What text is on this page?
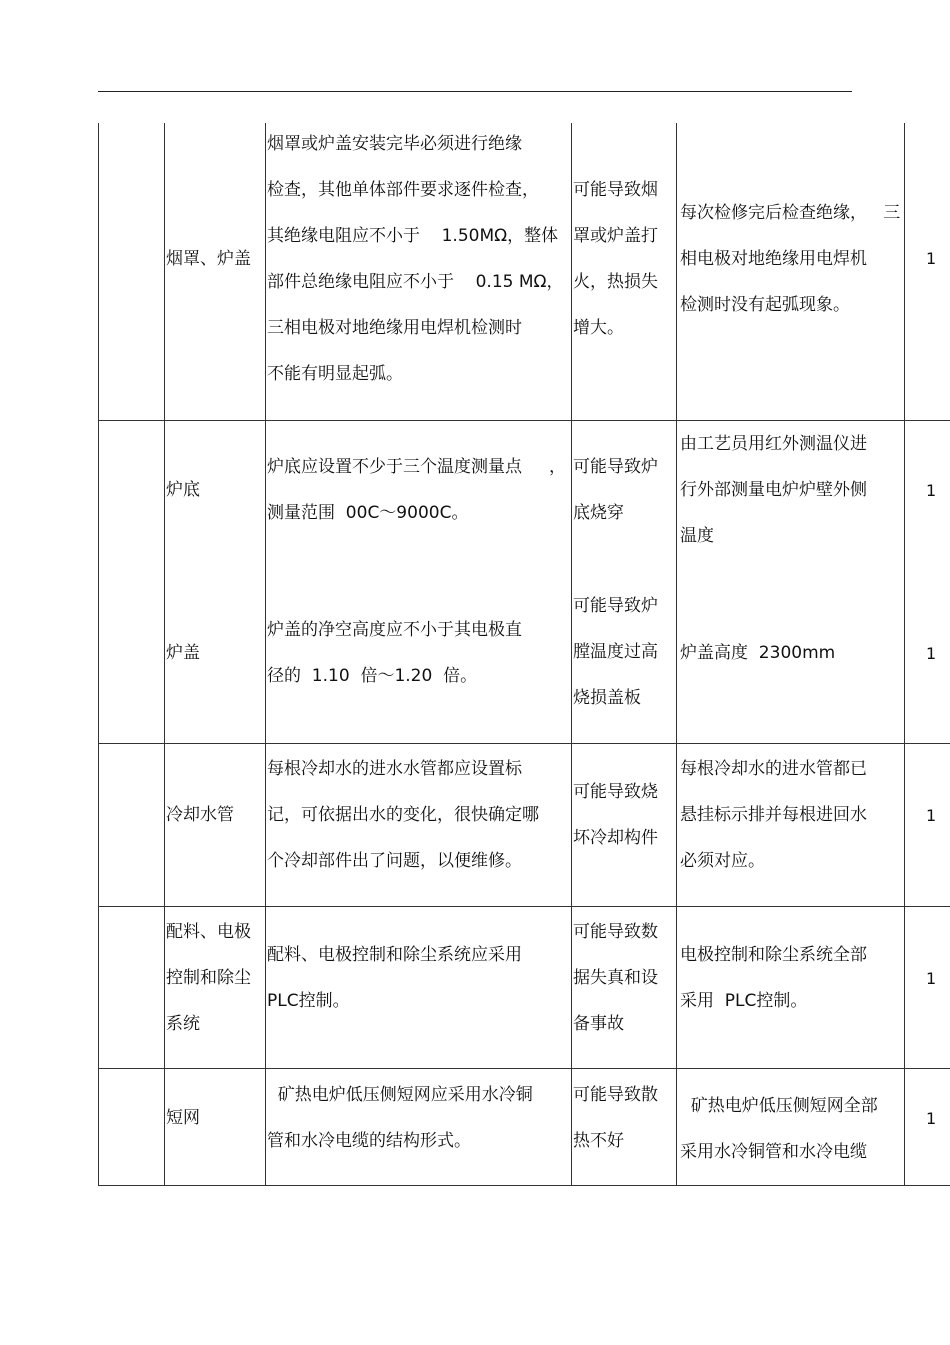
烟罩、炉盖
烟罩或炉盖安装完毕必须进行绝缘
检查，其他单体部件要求逐件检查，
其绝缘电阻应不小于    1.50MΩ，整体
部件总绝缘电阻应不小于    0.15 MΩ，
三相电极对地绝缘用电焊机检测时
不能有明显起弧。
可能导致烟
罩或炉盖打
火，热损失
增大。
每次检修完后检查绝缘，   三
相电极对地绝缘用电焊机
检测时没有起弧现象。
1
炉底
炉底应设置不少于三个温度测量点     ，
测量范围  00C～9000C。
可能导致炉
底烧穿
由工艺员用红外测温仪进
行外部测量电炉炉壁外侧
温度
1
炉盖
炉盖的净空高度应不小于其电极直
径的  1.10  倍～1.20  倍。
可能导致炉
膛温度过高
烧损盖板
炉盖高度  2300mm	1
冷却水管
每根冷却水的进水水管都应设置标
记，可依据出水的变化，很快确定哪
个冷却部件出了问题，以便维修。
可能导致烧
坏冷却构件
每根冷却水的进水管都已
悬挂标示排并每根进回水
必须对应。
1
配料、电极
控制和除尘
系统
配料、电极控制和除尘系统应采用
PLC控制。
可能导致数
据失真和设
备事故
电极控制和除尘系统全部
采用  PLC控制。
1
短网
矿热电炉低压侧短网应采用水冷铜
管和水冷电缆的结构形式。
可能导致散
热不好
矿热电炉低压侧短网全部
采用水冷铜管和水冷电缆
1
